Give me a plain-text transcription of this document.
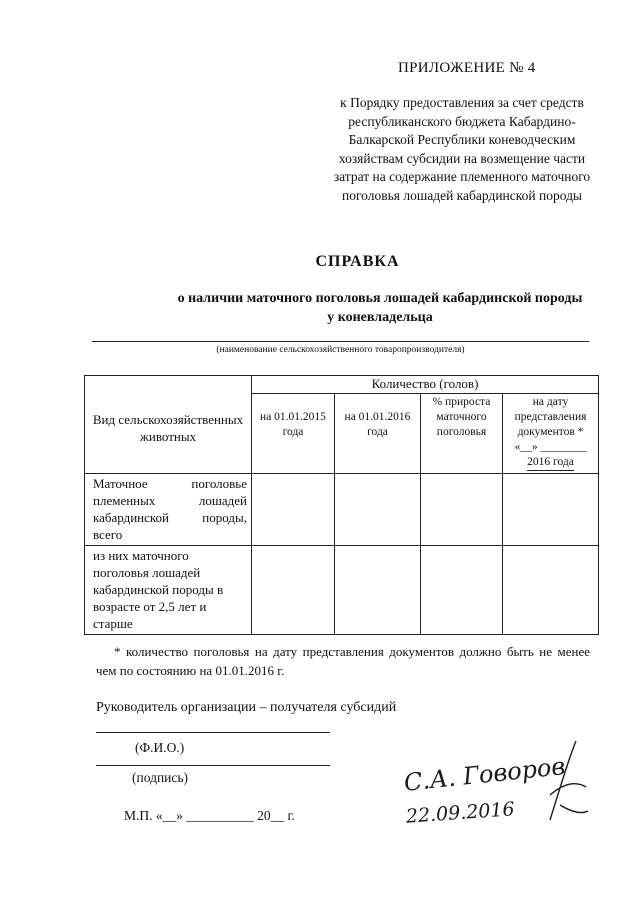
ПРИЛОЖЕНИЕ № 4
к Порядку предоставления за счет средств республиканского бюджета Кабардино-Балкарской Республики коневодческим хозяйствам субсидии на возмещение части затрат на содержание племенного маточного поголовья лошадей кабардинской породы
СПРАВКА
о наличии маточного поголовья лошадей кабардинской породы
у коневладельца
(наименование сельскохозяйственного товаропроизводителя)
Вид сельскохозяйственных животных	Количество (голов)			
	на 01.01.2015 года	на 01.01.2016 года	% прироста маточного поголовья	на дату представления документов *
«__» ________
2016 года

Маточное поголовье племенных лошадей кабардинской породы, всего				
из них маточного поголовья лошадей кабардинской породы в возрасте от 2,5 лет и старше				
* количество поголовья на дату представления документов должно быть не менее чем по состоянию на 01.01.2016 г.
Руководитель организации – получателя субсидий
(Ф.И.О.)
(подпись)
М.П. «__» __________ 20__ г.
С.А. Говоров
22.09.2016
